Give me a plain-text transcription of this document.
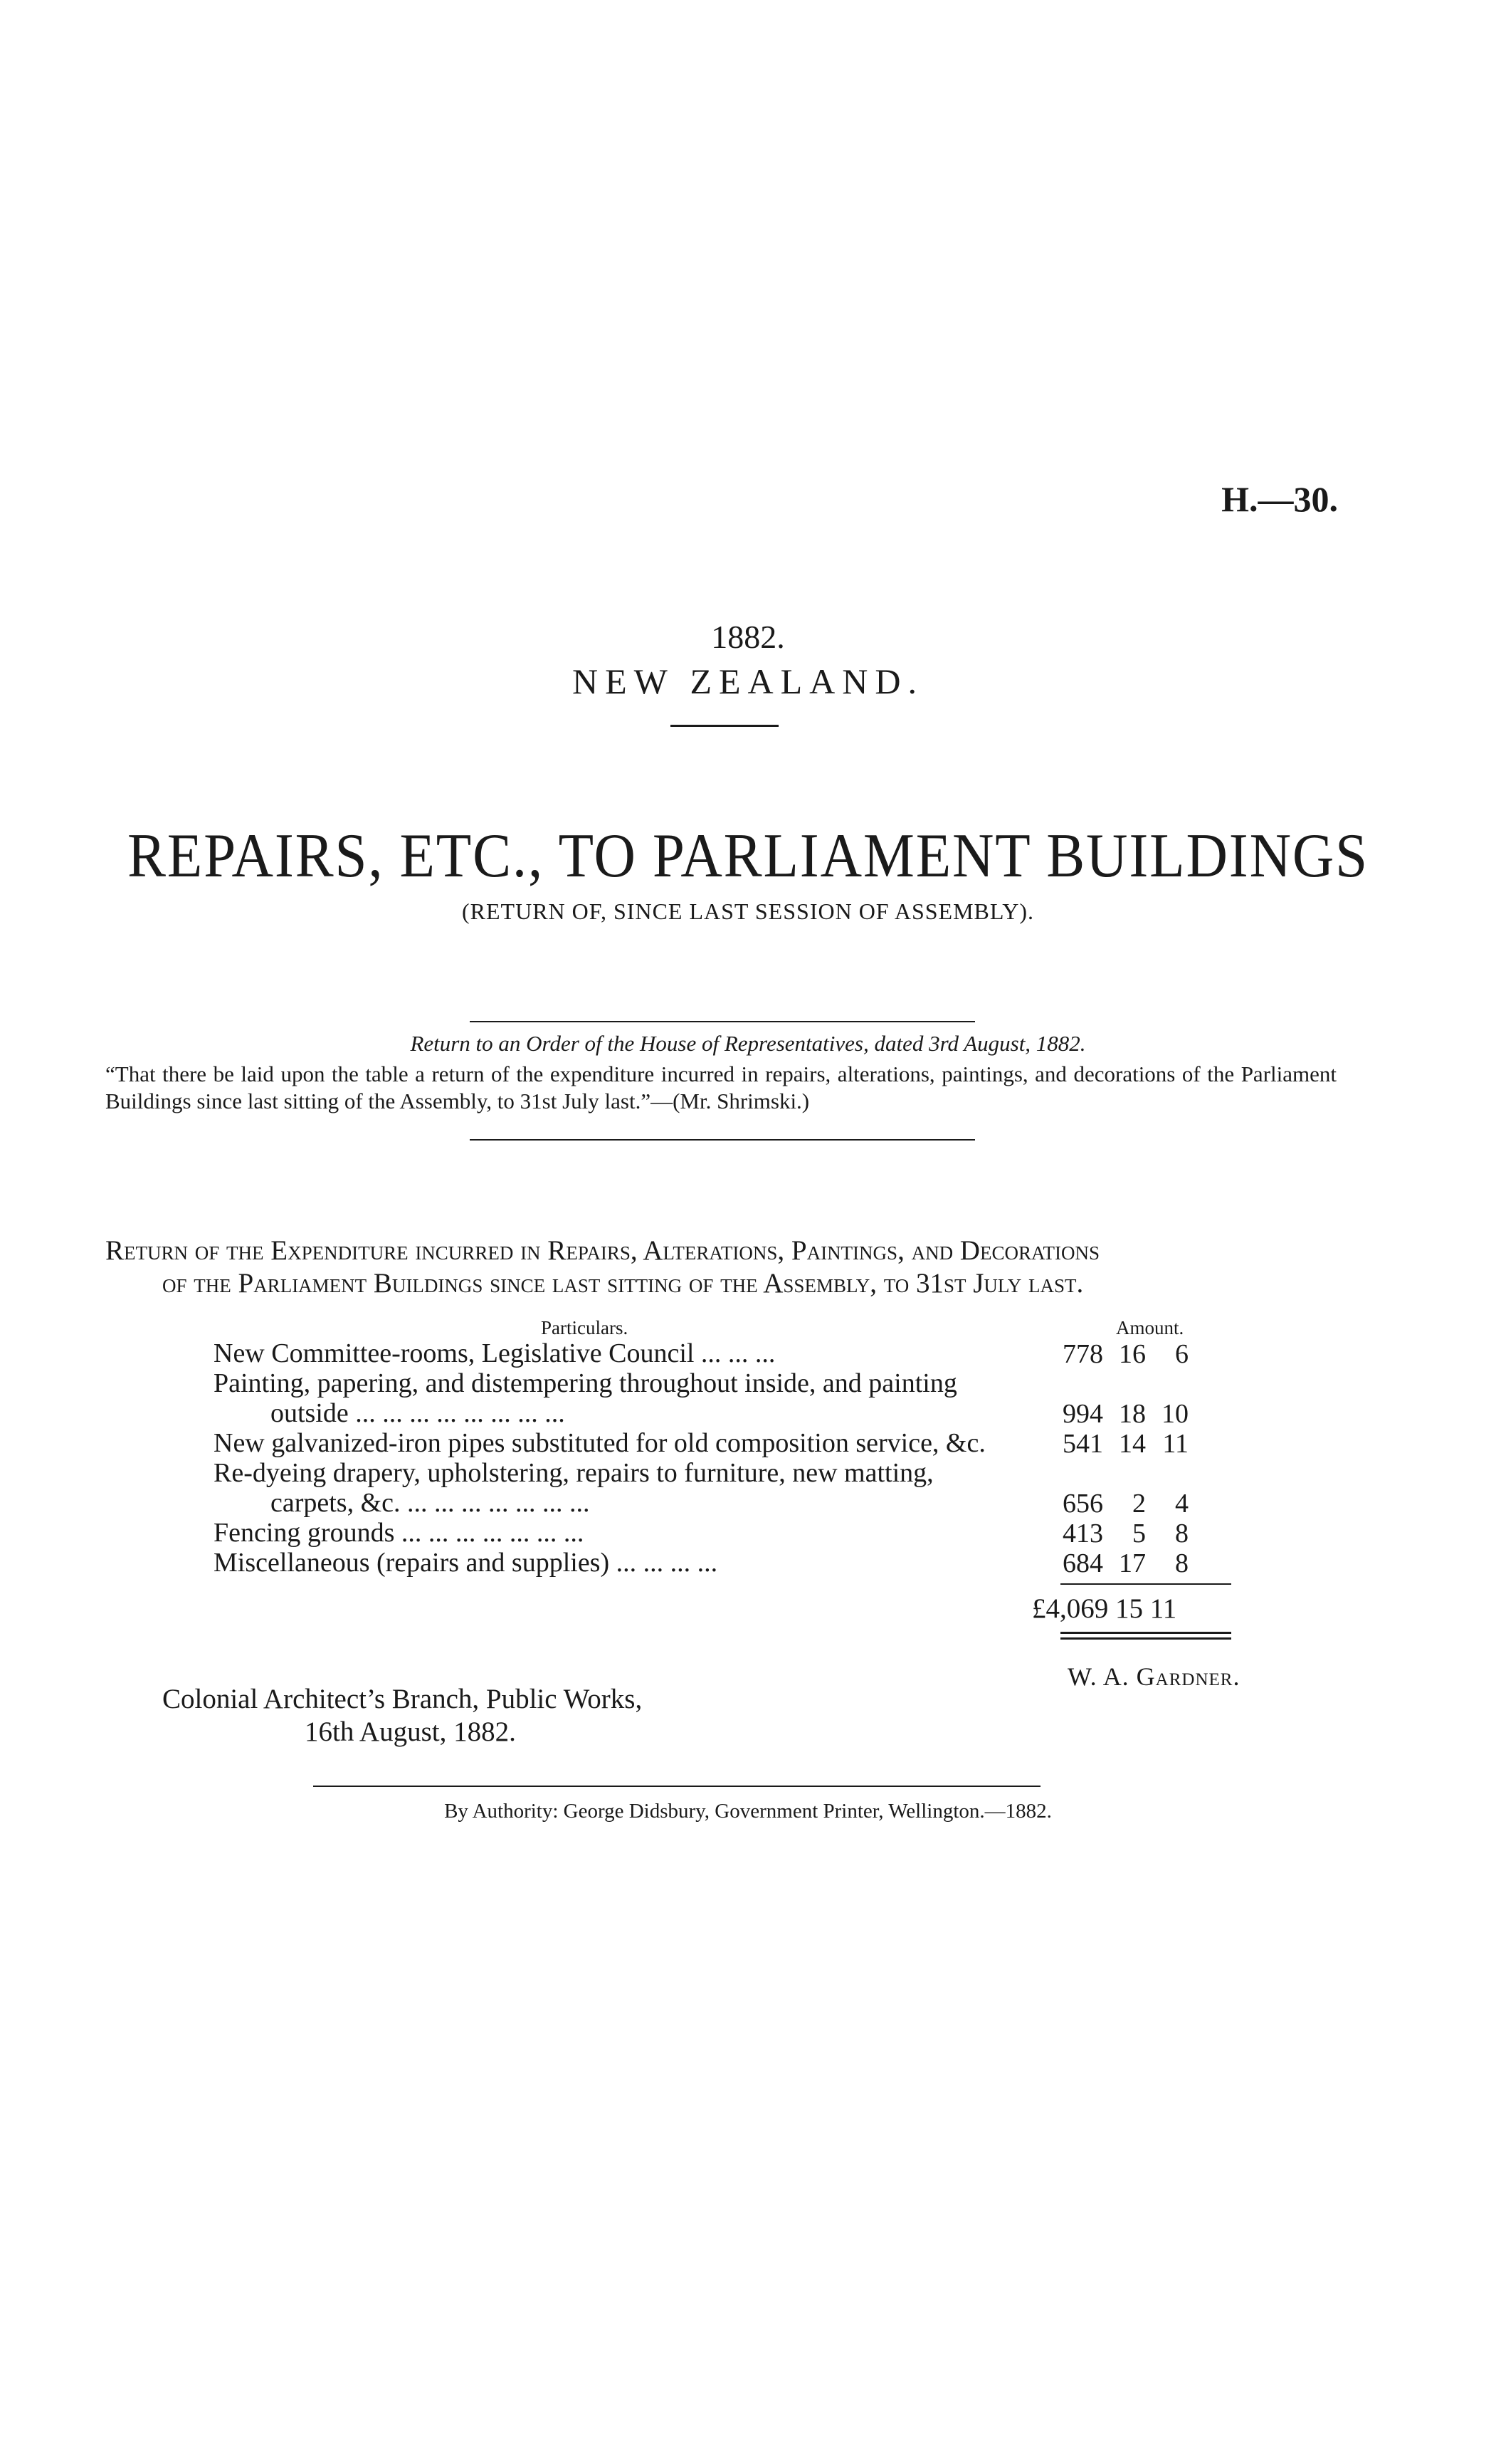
H.—30.
1882.
NEW ZEALAND.
REPAIRS, ETC., TO PARLIAMENT BUILDINGS
(RETURN OF, SINCE LAST SESSION OF ASSEMBLY).
Return to an Order of the House of Representatives, dated 3rd August, 1882.
“That there be laid upon the table a return of the expenditure incurred in repairs, alterations, paintings, and decorations of the Parliament Buildings since last sitting of the Assembly, to 31st July last.”—(Mr. Shrimski.)
Return of the Expenditure incurred in Repairs, Alterations, Paintings, and Decorations
of the Parliament Buildings since last sitting of the Assembly, to 31st July last.
Particulars.	Amount.
New Committee-rooms, Legislative Council ... ... ...	778 16 6
Painting, papering, and distempering throughout inside, and painting
outside ... ... ... ... ... ... ... ...	994 18 10
New galvanized-iron pipes substituted for old composition service, &c.	541 14 11
Re-dyeing drapery, upholstering, repairs to furniture, new matting,
carpets, &c. ... ... ... ... ... ... ...	656 2 4
Fencing grounds ... ... ... ... ... ... ...	413 5 8
Miscellaneous (repairs and supplies) ... ... ... ...	684 17 8
£4,069 15 11
W. A. Gardner.
Colonial Architect’s Branch, Public Works,
16th August, 1882.
By Authority: George Didsbury, Government Printer, Wellington.—1882.
